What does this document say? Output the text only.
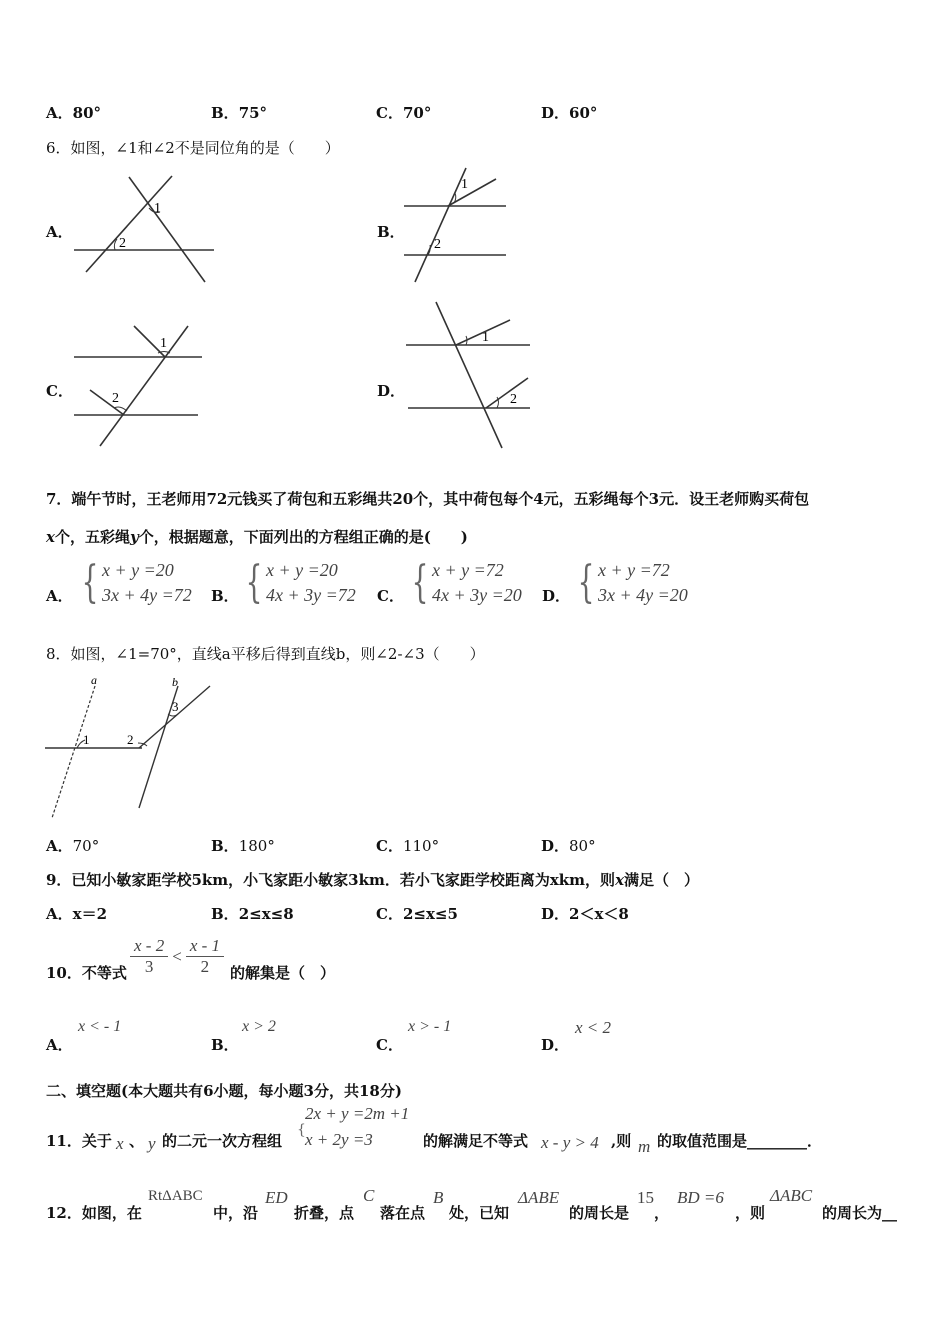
A．80°	B．75°	C．70°	D．60°
6．如图，∠1和∠2不是同位角的是（　　）
A．
1
2
B．
1
2
C．
1
2	D．
1
2
7．端午节时，王老师用72元钱买了荷包和五彩绳共20个，其中荷包每个4元，五彩绳每个3元．设王老师购买荷包
x个，五彩绳y个，根据题意，下面列出的方程组正确的是(　　)
A． { x + y =20
3x + 4y =72 B． { x + y =20
4x + 3y =72 C． { x + y =72
4x + 3y =20 D． { x + y =72
3x + 4y =20
8．如图，∠1=70°，直线a平移后得到直线b，则∠2-∠3（　　）
a	b
1	2
3
A．70°	B．180°	C．110°	D．80°
9．已知小敏家距学校5km，小飞家距小敏家3km．若小飞家距学校距离为xkm，则x满足（　）
A．x＝2	B．2≤x≤8	C．2≤x≤5	D．2＜x＜8
10．不等式 $\frac{x - 2}{3} < \frac{x - 1}{2}$ 的解集是（　）
A．
x < - 1
B．
x > 2
C．
x > - 1
D．
x < 2
二、填空题(本大题共有6小题，每小题3分，共18分)
11．关于 x 、 y 的二元一次方程组
{
2x + y =2m +1
x + 2y =3	的解满足不等式 x - y > 4 ,则 m 的取值范围是________．
12．如图，在
RtΔABC
中，沿
ED
折叠，点
C
落在点
B
处，已知
ΔABE
的周长是
15
，
BD =6
，则
ΔABC
的周长为__
